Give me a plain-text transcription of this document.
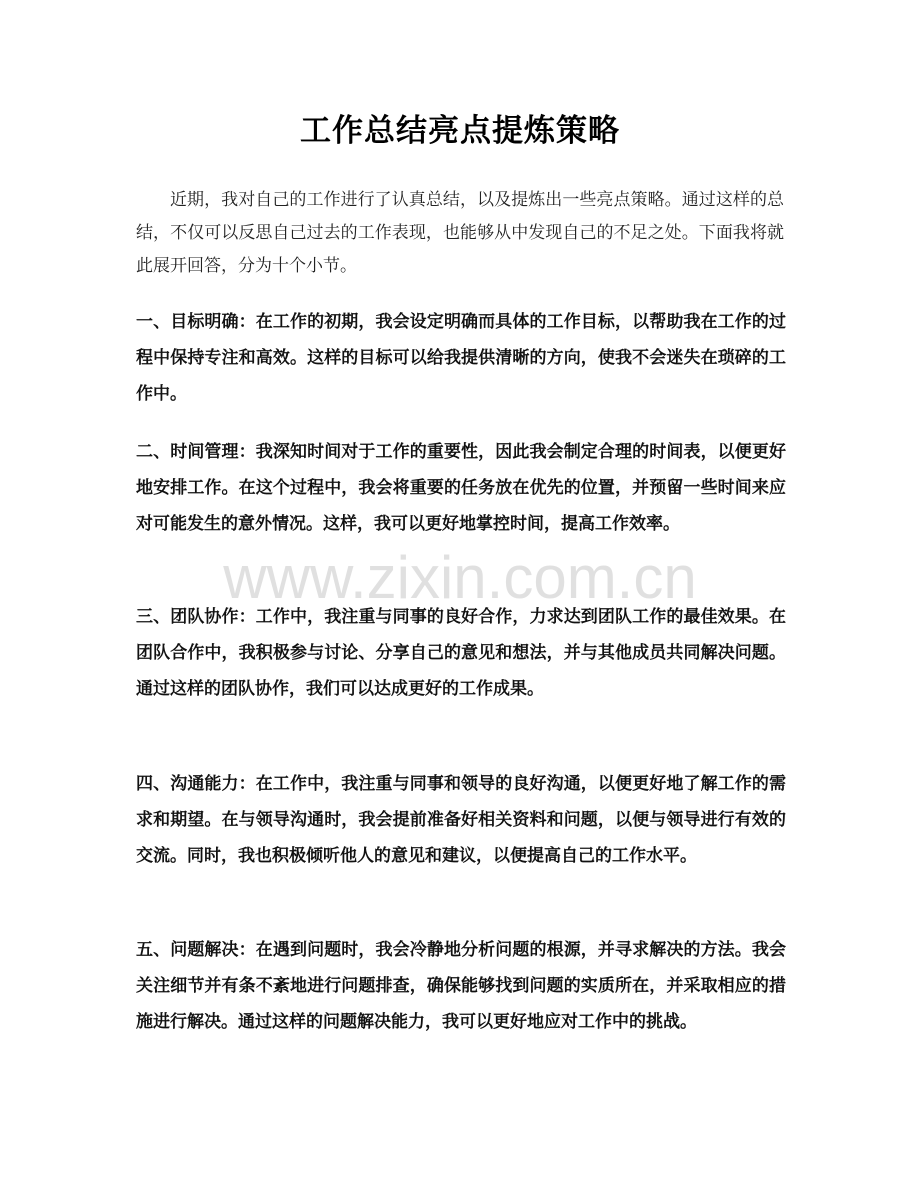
工作总结亮点提炼策略

近期，我对自己的工作进行了认真总结，以及提炼出一些亮点策略。通过这样的总结，不仅可以反思自己过去的工作表现，也能够从中发现自己的不足之处。下面我将就此展开回答，分为十个小节。

一、目标明确：在工作的初期，我会设定明确而具体的工作目标，以帮助我在工作的过程中保持专注和高效。这样的目标可以给我提供清晰的方向，使我不会迷失在琐碎的工作中。

二、时间管理：我深知时间对于工作的重要性，因此我会制定合理的时间表，以便更好地安排工作。在这个过程中，我会将重要的任务放在优先的位置，并预留一些时间来应对可能发生的意外情况。这样，我可以更好地掌控时间，提高工作效率。

三、团队协作：工作中，我注重与同事的良好合作，力求达到团队工作的最佳效果。在团队合作中，我积极参与讨论、分享自己的意见和想法，并与其他成员共同解决问题。通过这样的团队协作，我们可以达成更好的工作成果。

四、沟通能力：在工作中，我注重与同事和领导的良好沟通，以便更好地了解工作的需求和期望。在与领导沟通时，我会提前准备好相关资料和问题，以便与领导进行有效的交流。同时，我也积极倾听他人的意见和建议，以便提高自己的工作水平。

五、问题解决：在遇到问题时，我会冷静地分析问题的根源，并寻求解决的方法。我会关注细节并有条不紊地进行问题排查，确保能够找到问题的实质所在，并采取相应的措施进行解决。通过这样的问题解决能力，我可以更好地应对工作中的挑战。

www.zixin.com.cn
